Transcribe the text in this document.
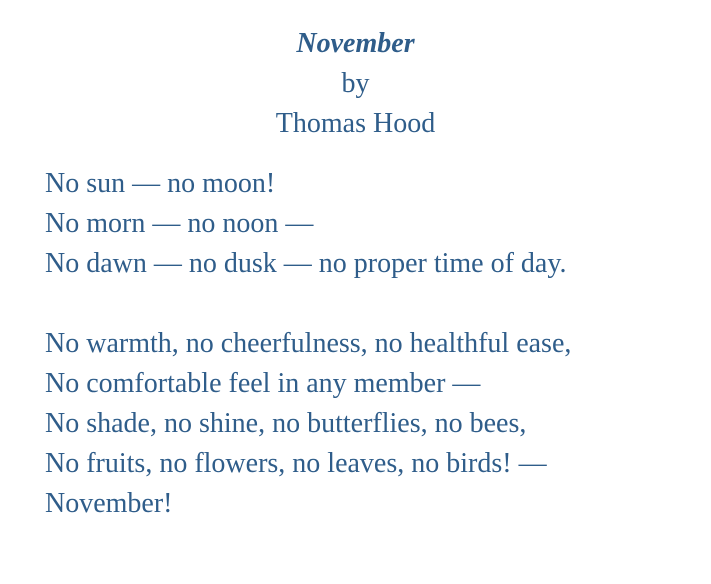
November
by
Thomas Hood
No sun — no moon!
No morn — no noon —
No dawn — no dusk — no proper time of day.
No warmth, no cheerfulness, no healthful ease,
No comfortable feel in any member —
No shade, no shine, no butterflies, no bees,
No fruits, no flowers, no leaves, no birds! —
November!
